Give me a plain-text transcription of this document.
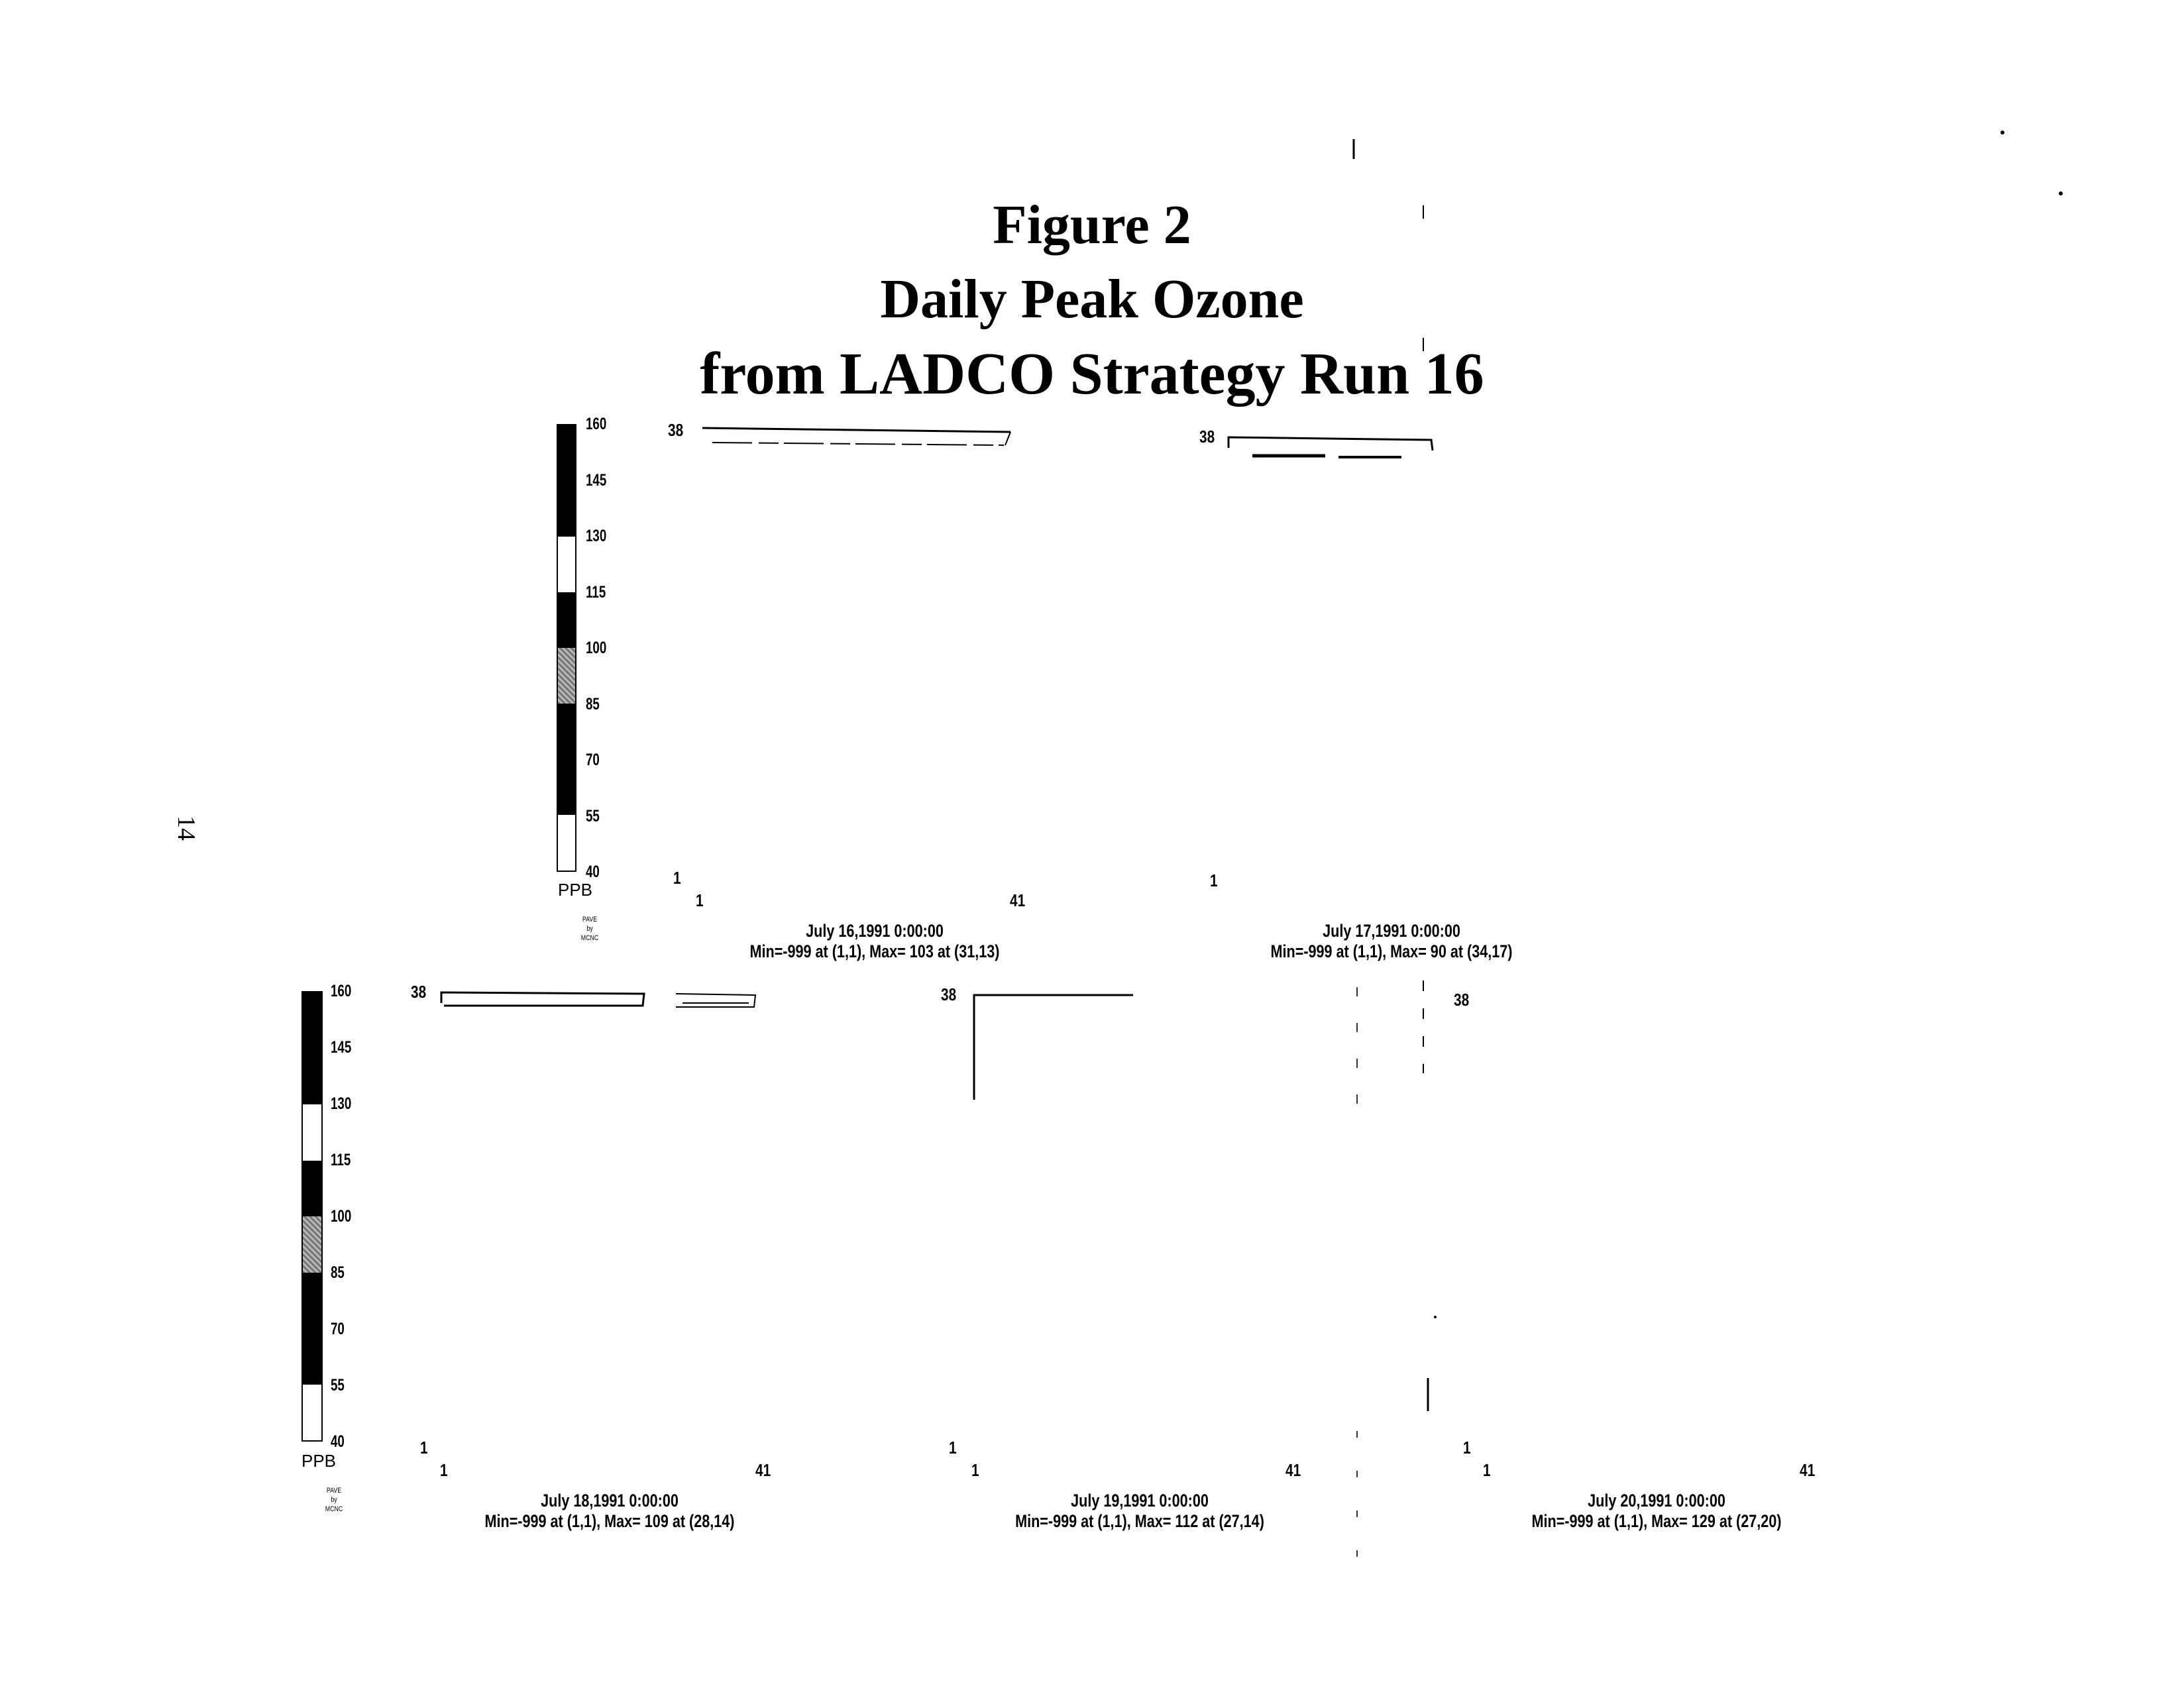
Figure 2
Daily Peak Ozone
from LADCO Strategy Run 16
14
160
145
130
115
100
85
70
55
40
PPB
PAVE
by
MCNC
160
145
130
115
100
85
70
55
40
PPB
PAVE
by
MCNC
38
1
1	41
July 16,1991 0:00:00
Min=-999 at (1,1), Max= 103 at (31,13)
38
1
July 17,1991 0:00:00
Min=-999 at (1,1), Max= 90 at (34,17)
38
1
1	41
July 18,1991 0:00:00
Min=-999 at (1,1), Max= 109 at (28,14)
38
1
1	41
July 19,1991 0:00:00
Min=-999 at (1,1), Max= 112 at (27,14)
38
1
1	41
July 20,1991 0:00:00
Min=-999 at (1,1), Max= 129 at (27,20)
